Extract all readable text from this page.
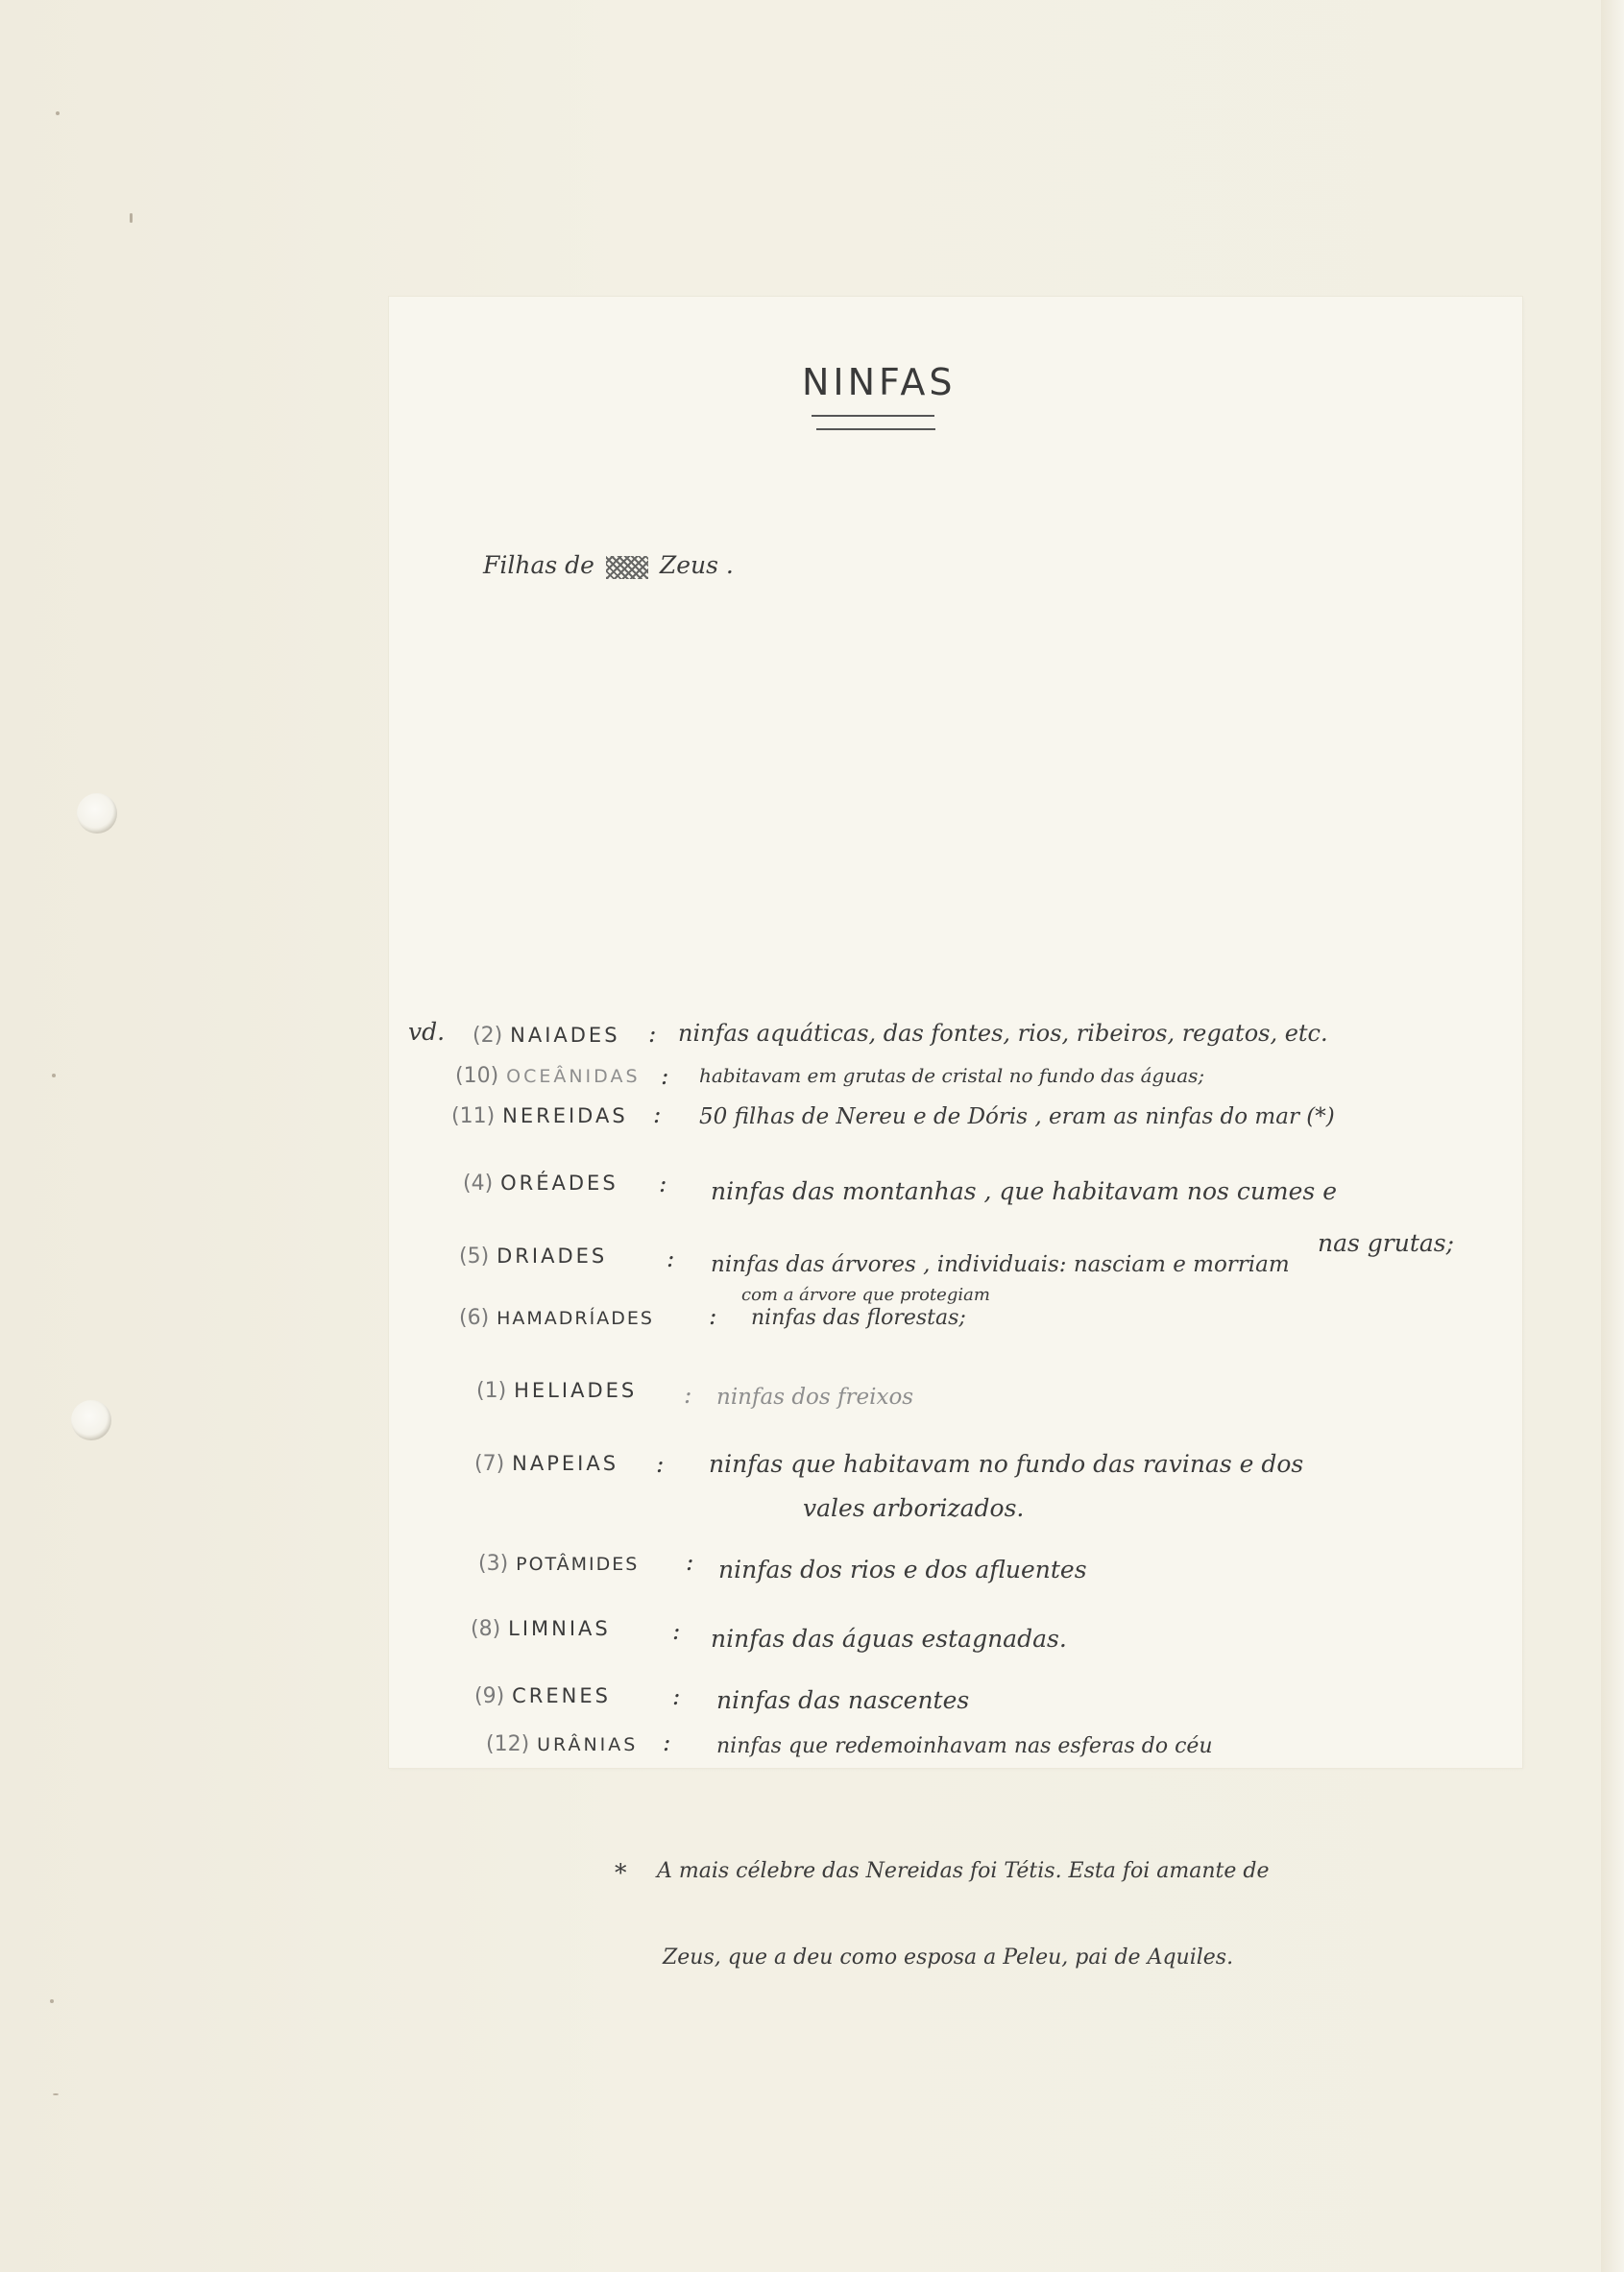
NINFAS
Filhas de	Zeus .
vd. (2) NAIADES : ninfas aquáticas, das fontes, rios, ribeiros, regatos, etc.
(10) OCEÂNIDAS : habitavam em grutas de cristal no fundo das águas;
(11) NEREIDAS : 50 filhas de Nereu e de Dóris , eram as ninfas do mar (*)
(4) ORÉADES : ninfas das montanhas , que habitavam nos cumes e
nas grutas;
(5) DRIADES : ninfas das árvores , individuais: nasciam e morriam
com a árvore que protegiam
(6) HAMADRÍADES : ninfas das florestas;
(1) HELIADES : ninfas dos freixos
(7) NAPEIAS : ninfas que habitavam no fundo das ravinas e dos
vales arborizados.
(3) POTÂMIDES : ninfas dos rios e dos afluentes
(8) LIMNIAS	: ninfas das águas estagnadas.
(9) CRENES	: ninfas das nascentes
(12) URÂNIAS : ninfas que redemoinhavam nas esferas do céu
* A mais célebre das Nereidas foi Tétis. Esta foi amante de
Zeus, que a deu como esposa a Peleu, pai de Aquiles.
